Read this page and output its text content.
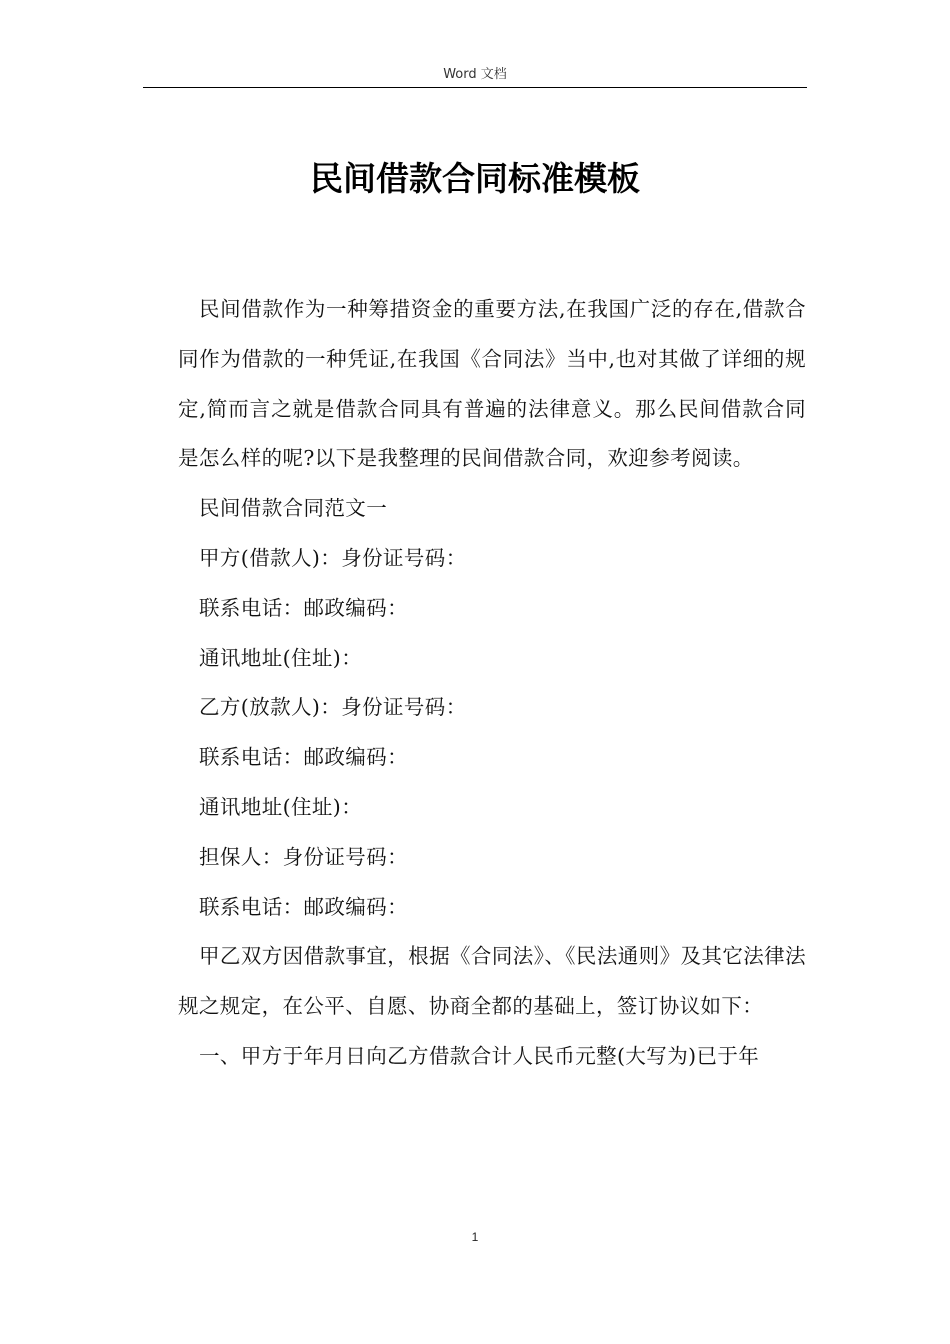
Word 文档
民间借款合同标准模板

民间借款作为一种筹措资金的重要方法,在我国广泛的存在,借款合同作为借款的一种凭证,在我国《合同法》当中,也对其做了详细的规定,简而言之就是借款合同具有普遍的法律意义。那么民间借款合同是怎么样的呢?以下是我整理的民间借款合同，欢迎参考阅读。

民间借款合同范文一

甲方(借款人)：身份证号码：

联系电话：邮政编码：

通讯地址(住址)：

乙方(放款人)：身份证号码：

联系电话：邮政编码：

通讯地址(住址)：

担保人：身份证号码：

联系电话：邮政编码：

甲乙双方因借款事宜，根据《合同法》、《民法通则》及其它法律法规之规定，在公平、自愿、协商全都的基础上，签订协议如下：

一、甲方于年月日向乙方借款合计人民币元整(大写为)已于年

1
